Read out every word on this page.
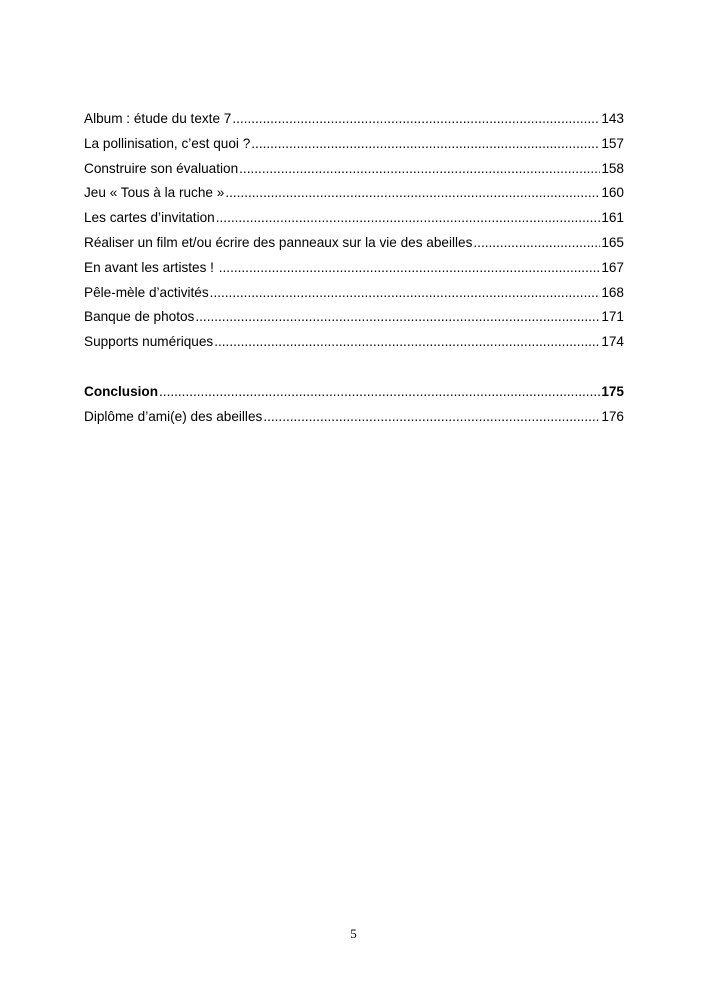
Album : étude du texte 7 .....	143
La pollinisation, c’est quoi ? .....	157
Construire son évaluation .....	158
Jeu « Tous à la ruche » .....	160
Les cartes d’invitation .....	161
Réaliser un film et/ou écrire des panneaux sur la vie des abeilles .....	165
En avant les artistes ! .....	167
Pêle-mèle d’activités .....	168
Banque de photos .....	171
Supports numériques .....	174
Conclusion .....	175
Diplôme d’ami(e) des abeilles .....	176
5
